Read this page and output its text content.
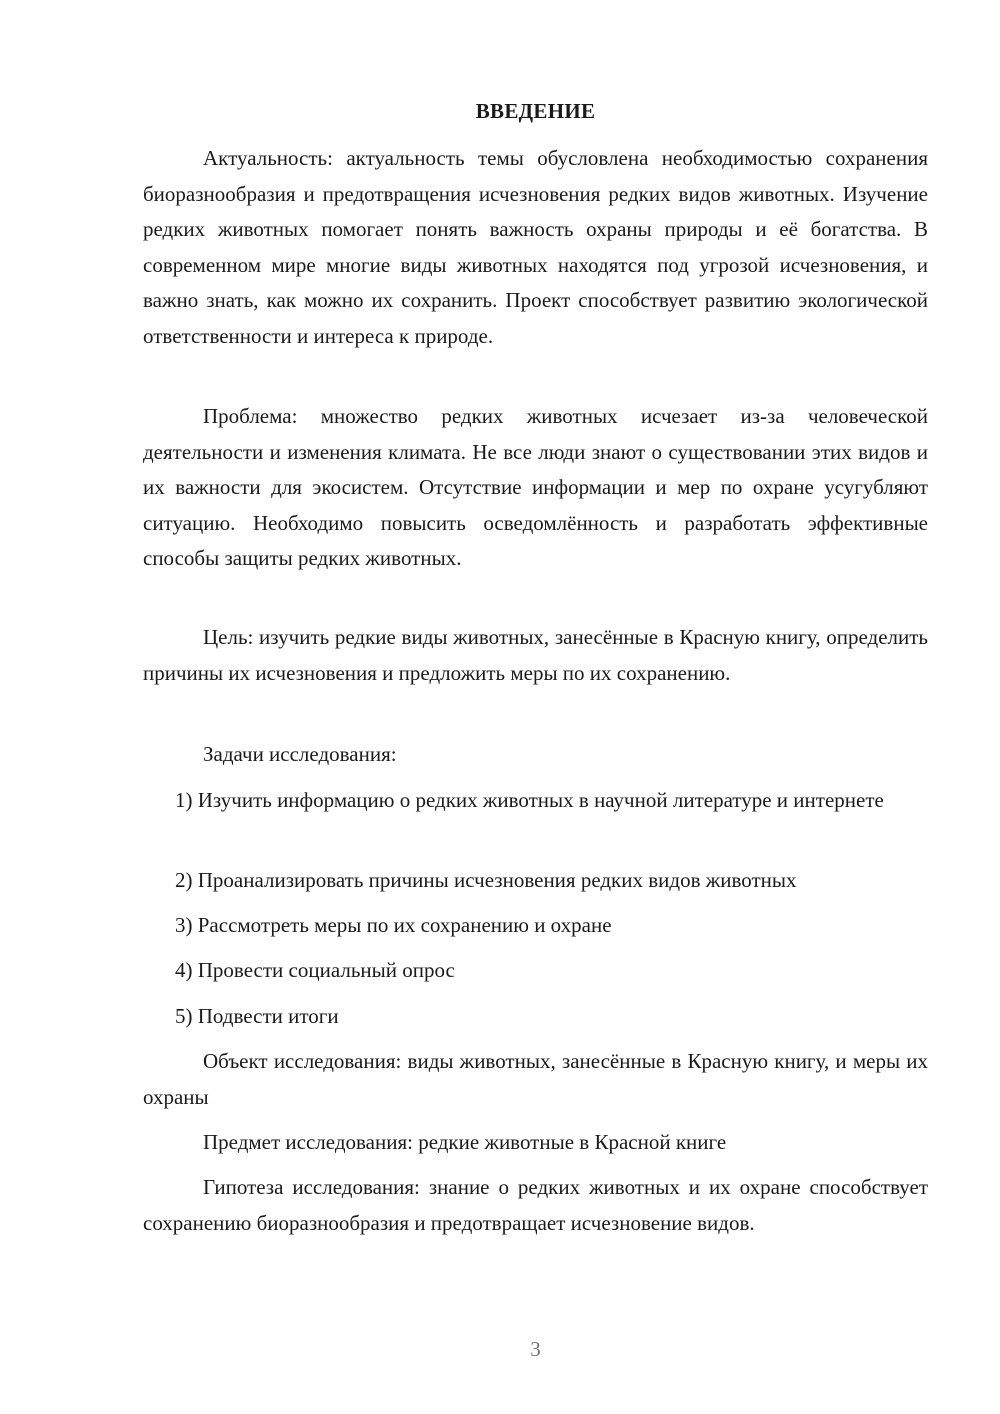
ВВЕДЕНИЕ

Актуальность: актуальность темы обусловлена необходимостью сохранения биоразнообразия и предотвращения исчезновения редких видов животных. Изучение редких животных помогает понять важность охраны природы и её богатства. В современном мире многие виды животных находятся под угрозой исчезновения, и важно знать, как можно их сохранить. Проект способствует развитию экологической ответственности и интереса к природе.

Проблема: множество редких животных исчезает из-за человеческой деятельности и изменения климата. Не все люди знают о существовании этих видов и их важности для экосистем. Отсутствие информации и мер по охране усугубляют ситуацию. Необходимо повысить осведомлённость и разработать эффективные способы защиты редких животных.

Цель: изучить редкие виды животных, занесённые в Красную книгу, определить причины их исчезновения и предложить меры по их сохранению.

Задачи исследования:

1) Изучить информацию о редких животных в научной литературе и интернете

2) Проанализировать причины исчезновения редких видов животных

3) Рассмотреть меры по их сохранению и охране

4) Провести социальный опрос

5) Подвести итоги

Объект исследования: виды животных, занесённые в Красную книгу, и меры их охраны

Предмет исследования: редкие животные в Красной книге

Гипотеза исследования: знание о редких животных и их охране способствует сохранению биоразнообразия и предотвращает исчезновение видов.

3
